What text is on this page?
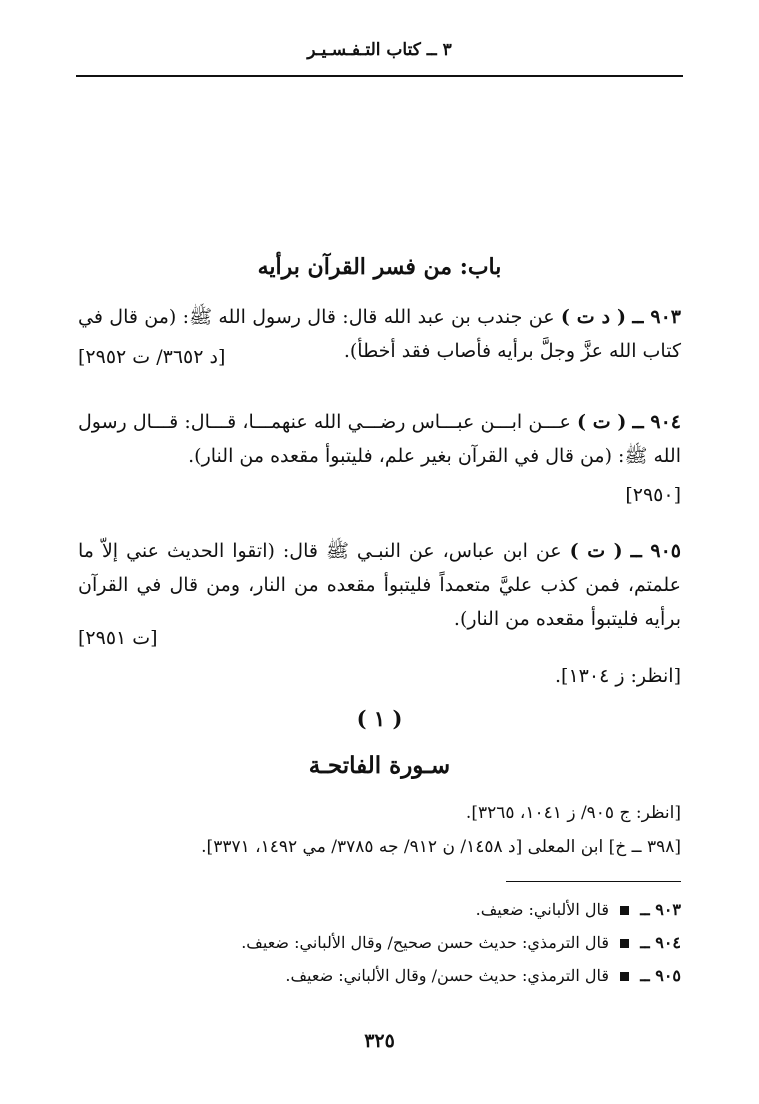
٣ ــ كتاب التـفـسـيـر
باب: من فسر القرآن برأيه
٩٠٣ ــ ( د ت ) عن جندب بن عبد الله قال: قال رسول الله ﷺ: (من قال في كتاب الله عزَّ وجلَّ برأيه فأصاب فقد أخطأ).
[د ٣٦٥٢/ ت ٢٩٥٢]
٩٠٤ ــ ( ت ) عـــن ابـــن عبـــاس رضـــي الله عنهمـــا، قـــال: قـــال رسول الله ﷺ: (من قال في القرآن بغير علم، فليتبوأ مقعده من النار).
[٢٩٥٠]
٩٠٥ ــ ( ت ) عن ابن عباس، عن النبـي ﷺ قال: (اتقوا الحديث عني إلاّ ما علمتم، فمن كذب عليَّ متعمداً فليتبوأ مقعده من النار، ومن قال في القرآن برأيه فليتبوأ مقعده من النار).
[ت ٢٩٥١]
[انظر: ز ١٣٠٤].
( ١ )
سـورة الفاتحـة
[انظر: ج ٩٠٥/ ز ١٠٤١، ٣٢٦٥].
[٣٩٨ ــ خ] ابن المعلى [د ١٤٥٨/ ن ٩١٢/ جه ٣٧٨٥/ مي ١٤٩٢، ٣٣٧١].
٩٠٣ ــ  قال الألباني: ضعيف.
٩٠٤ ــ  قال الترمذي: حديث حسن صحيح/ وقال الألباني: ضعيف.
٩٠٥ ــ  قال الترمذي: حديث حسن/ وقال الألباني: ضعيف.
٣٢٥
